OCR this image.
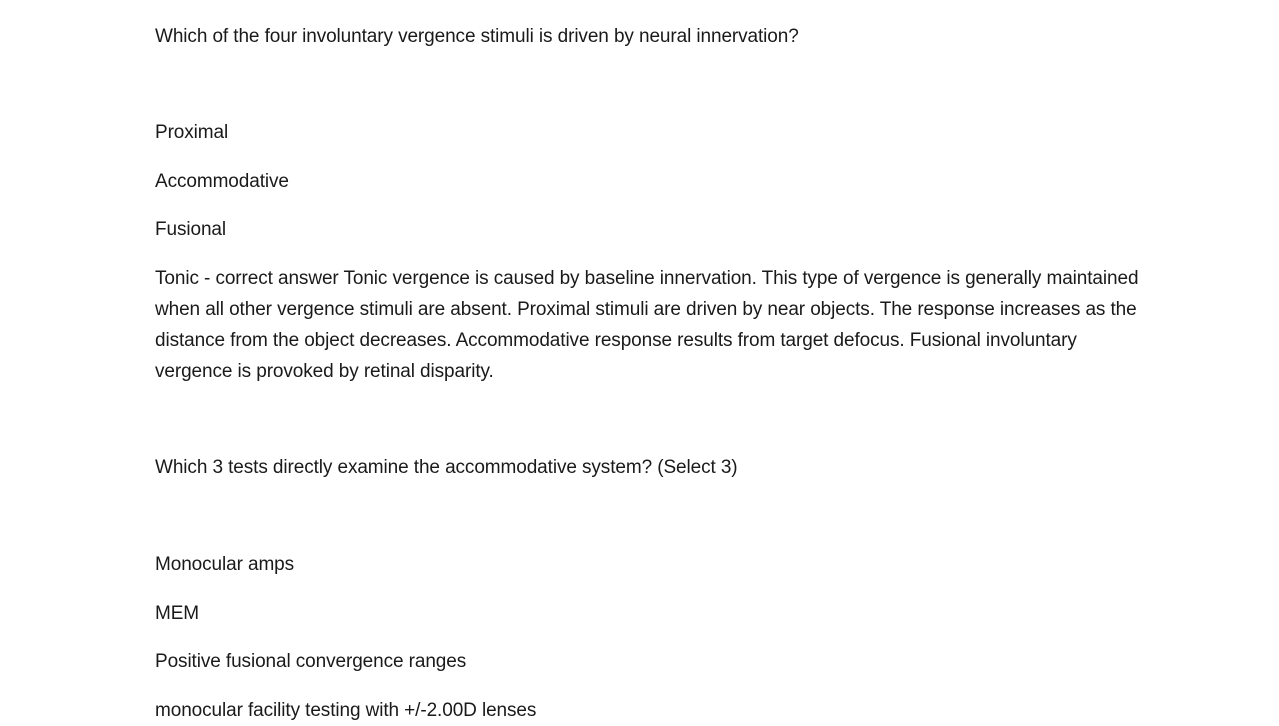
Which of the four involuntary vergence stimuli is driven by neural innervation?
Proximal
Accommodative
Fusional
Tonic - correct answer Tonic vergence is caused by baseline innervation. This type of vergence is generally maintained when all other vergence stimuli are absent. Proximal stimuli are driven by near objects. The response increases as the distance from the object decreases. Accommodative response results from target defocus. Fusional involuntary vergence is provoked by retinal disparity.
Which 3 tests directly examine the accommodative system? (Select 3)
Monocular amps
MEM
Positive fusional convergence ranges
monocular facility testing with +/-2.00D lenses
